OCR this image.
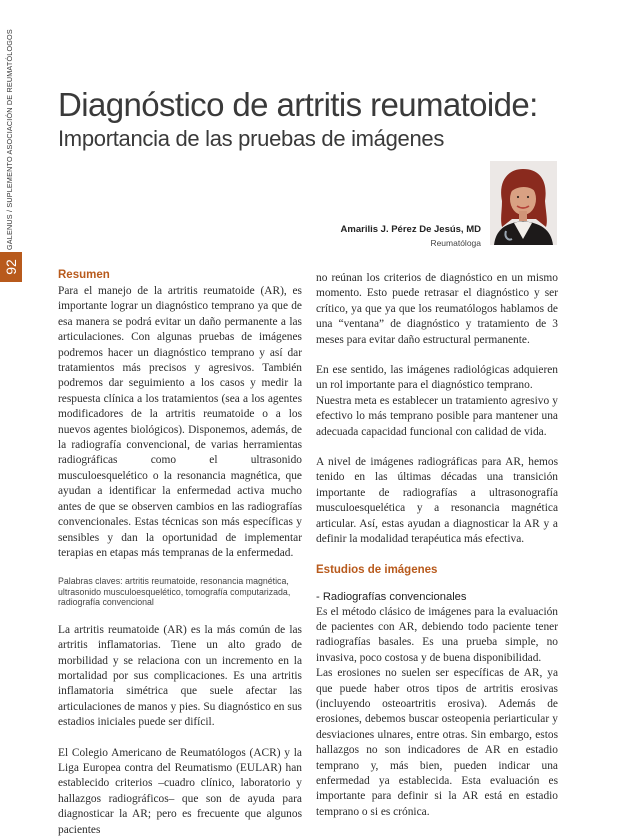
GALENUS / SUPLEMENTO ASOCIACIÓN DE REUMATÓLOGOS
92
Diagnóstico de artritis reumatoide:
Importancia de las pruebas de imágenes
Amarilis J. Pérez De Jesús, MD
Reumatóloga
Resumen

Para el manejo de la artritis reumatoide (AR), es importante lograr un diagnóstico temprano ya que de esa manera se podrá evitar un daño permanente a las articulaciones. Con algunas pruebas de imágenes podremos hacer un diagnóstico temprano y así dar tratamientos más precisos y agresivos. También podremos dar seguimiento a los casos y medir la respuesta clínica a los tratamientos (sea a los agentes modificadores de la artritis reumatoide o a los nuevos agentes biológicos). Disponemos, además, de la radiografía convencional, de varias herramientas radiográficas como el ultrasonido musculoesquelético o la resonancia magnética, que ayudan a identificar la enfermedad activa mucho antes de que se observen cambios en las radiografías convencionales. Estas técnicas son más específicas y sensibles y dan la oportunidad de implementar terapias en etapas más tempranas de la enfermedad.

Palabras claves: artritis reumatoide, resonancia magnética, ultrasonido musculoesquelético, tomografía computarizada, radiografía convencional

La artritis reumatoide (AR) es la más común de las artritis inflamatorias. Tiene un alto grado de morbilidad y se relaciona con un incremento en la mortalidad por sus complicaciones. Es una artritis inflamatoria simétrica que suele afectar las articulaciones de manos y pies. Su diagnóstico en sus estadios iniciales puede ser difícil.

El Colegio Americano de Reumatólogos (ACR) y la Liga Europea contra del Reumatismo (EULAR) han establecido criterios –cuadro clínico, laboratorio y hallazgos radiográficos– que son de ayuda para diagnosticar la AR; pero es frecuente que algunos pacientes

no reúnan los criterios de diagnóstico en un mismo momento. Esto puede retrasar el diagnóstico y ser crítico, ya que ya que los reumatólogos hablamos de una “ventana” de diagnóstico y tratamiento de 3 meses para evitar daño estructural permanente.

En ese sentido, las imágenes radiológicas adquieren un rol importante para el diagnóstico temprano.

Nuestra meta es establecer un tratamiento agresivo y efectivo lo más temprano posible para mantener una adecuada capacidad funcional con calidad de vida.

A nivel de imágenes radiográficas para AR, hemos tenido en las últimas décadas una transición importante de radiografías a ultrasonografía musculoesquelética y a resonancia magnética articular. Así, estas ayudan a diagnosticar la AR y a definir la modalidad terapéutica más efectiva.

Estudios de imágenes
- Radiografías convencionales

Es el método clásico de imágenes para la evaluación de pacientes con AR, debiendo todo paciente tener radiografías basales. Es una prueba simple, no invasiva, poco costosa y de buena disponibilidad.

Las erosiones no suelen ser específicas de AR, ya que puede haber otros tipos de artritis erosivas (incluyendo osteoartritis erosiva). Además de erosiones, debemos buscar osteopenia periarticular y desviaciones ulnares, entre otras. Sin embargo, estos hallazgos no son indicadores de AR en estadio temprano y, más bien, pueden indicar una enfermedad ya establecida. Esta evaluación es importante para definir si la AR está en estadio temprano o si es crónica.
